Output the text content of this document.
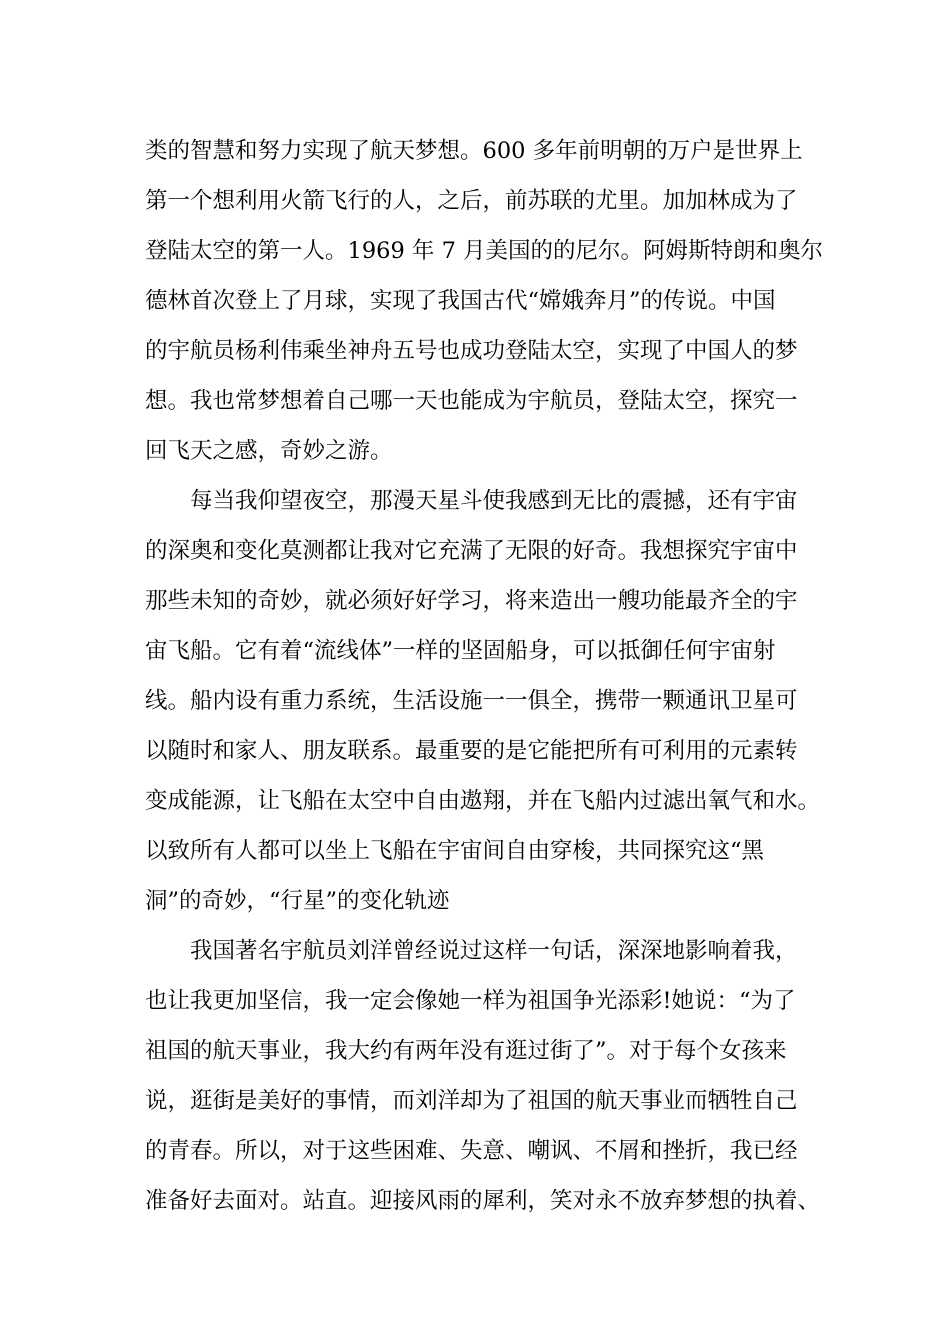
类的智慧和努力实现了航天梦想。600 多年前明朝的万户是世界上
第一个想利用火箭飞行的人，之后，前苏联的尤里。加加林成为了
登陆太空的第一人。1969 年 7 月美国的的尼尔。阿姆斯特朗和奥尔
德林首次登上了月球，实现了我国古代“嫦娥奔月”的传说。中国
的宇航员杨利伟乘坐神舟五号也成功登陆太空，实现了中国人的梦
想。我也常梦想着自己哪一天也能成为宇航员，登陆太空，探究一
回飞天之感，奇妙之游。
每当我仰望夜空，那漫天星斗使我感到无比的震撼，还有宇宙
的深奥和变化莫测都让我对它充满了无限的好奇。我想探究宇宙中
那些未知的奇妙，就必须好好学习，将来造出一艘功能最齐全的宇
宙飞船。它有着“流线体”一样的坚固船身，可以抵御任何宇宙射
线。船内设有重力系统，生活设施一一俱全，携带一颗通讯卫星可
以随时和家人、朋友联系。最重要的是它能把所有可利用的元素转
变成能源，让飞船在太空中自由遨翔，并在飞船内过滤出氧气和水。
以致所有人都可以坐上飞船在宇宙间自由穿梭，共同探究这“黑
洞”的奇妙，“行星”的变化轨迹
我国著名宇航员刘洋曾经说过这样一句话，深深地影响着我，
也让我更加坚信，我一定会像她一样为祖国争光添彩!她说：“为了
祖国的航天事业，我大约有两年没有逛过街了”。对于每个女孩来
说，逛街是美好的事情，而刘洋却为了祖国的航天事业而牺牲自己
的青春。所以，对于这些困难、失意、嘲讽、不屑和挫折，我已经
准备好去面对。站直。迎接风雨的犀利，笑对永不放弃梦想的执着、
